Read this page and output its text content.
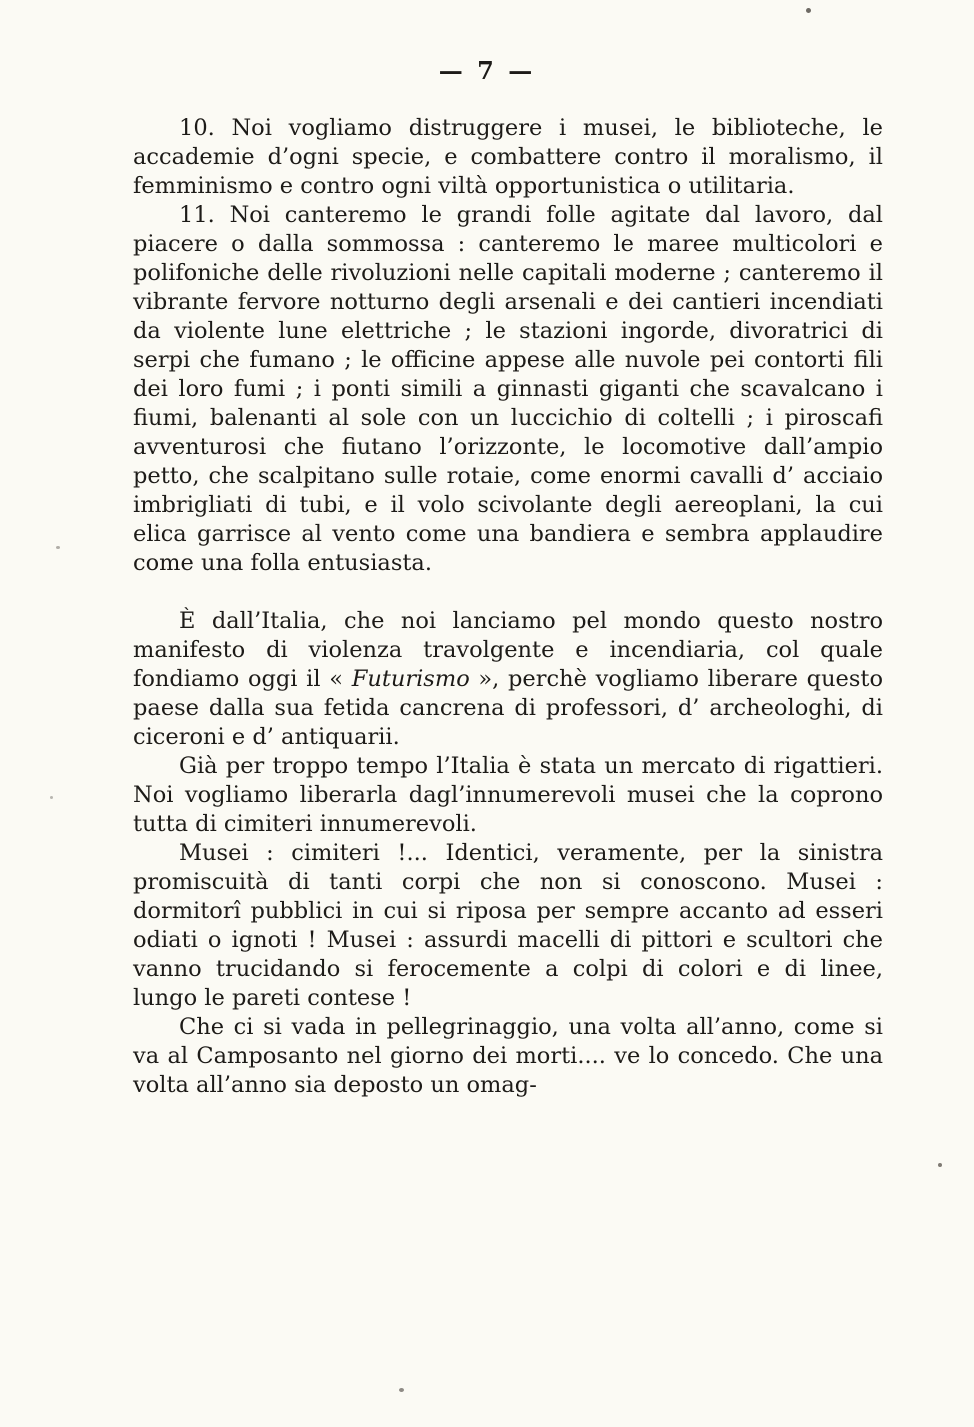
— 7 —

10. Noi vogliamo distruggere i musei, le biblioteche, le accademie d’ogni specie, e combattere contro il moralismo, il femminismo e contro ogni viltà opportunistica o utilitaria.

11. Noi canteremo le grandi folle agitate dal lavoro, dal piacere o dalla sommossa : canteremo le maree multicolori e polifoniche delle rivoluzioni nelle capitali moderne ; canteremo il vibrante fervore notturno degli arsenali e dei cantieri incendiati da violente lune elettriche ; le stazioni ingorde, divoratrici di serpi che fumano ; le officine appese alle nuvole pei contorti fili dei loro fumi ; i ponti simili a ginnasti giganti che scavalcano i fiumi, balenanti al sole con un luccichio di coltelli ; i piroscafi avventurosi che fiutano l’orizzonte, le locomotive dall’ampio petto, che scalpitano sulle rotaie, come enormi cavalli d’ acciaio imbrigliati di tubi, e il volo scivolante degli aereoplani, la cui elica garrisce al vento come una bandiera e sembra applaudire come una folla entusiasta.

È dall’Italia, che noi lanciamo pel mondo questo nostro manifesto di violenza travolgente e incendiaria, col quale fondiamo oggi il « Futurismo », perchè vogliamo liberare questo paese dalla sua fetida cancrena di professori, d’ archeologhi, di ciceroni e d’ antiquarii.

Già per troppo tempo l’Italia è stata un mercato di rigattieri. Noi vogliamo liberarla dagl’innumerevoli musei che la coprono tutta di cimiteri innumerevoli.

Musei : cimiteri !... Identici, veramente, per la sinistra promiscuità di tanti corpi che non si conoscono. Musei : dormitorî pubblici in cui si riposa per sempre accanto ad esseri odiati o ignoti ! Musei : assurdi macelli di pittori e scultori che vanno trucidando si ferocemente a colpi di colori e di linee, lungo le pareti contese !

Che ci si vada in pellegrinaggio, una volta all’anno, come si va al Camposanto nel giorno dei morti.... ve lo concedo. Che una volta all’anno sia deposto un omag-
